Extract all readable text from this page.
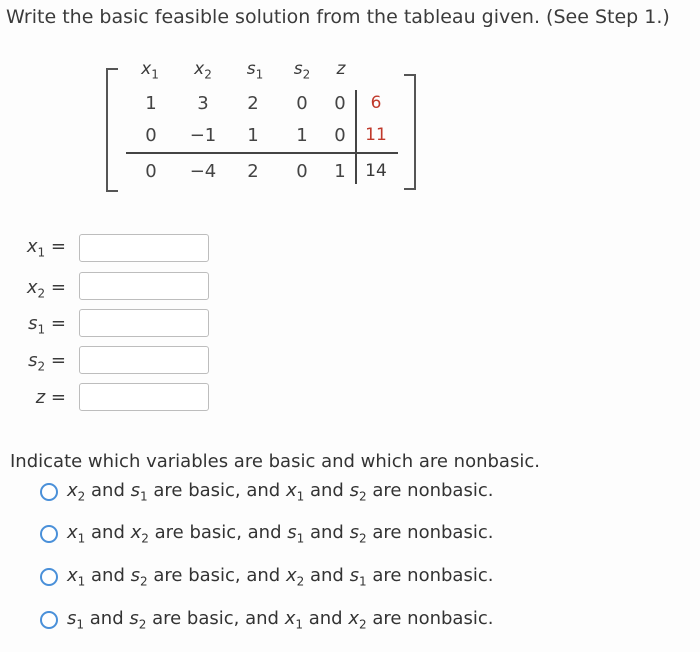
Write the basic feasible solution from the tableau given. (See Step 1.)
$x_1$	$x_2$	$s_1$	$s_2$	z
1	3	2	0	0	6
0	−1	1	1	0	11
0	−4	2	0	1	14
$x_1$ =
$x_2$ =
$s_1$ =
$s_2$ =
z =
Indicate which variables are basic and which are nonbasic.
$x_2$ and $s_1$ are basic, and $x_1$ and $s_2$ are nonbasic.
$x_1$ and $x_2$ are basic, and $s_1$ and $s_2$ are nonbasic.
$x_1$ and $s_2$ are basic, and $x_2$ and $s_1$ are nonbasic.
$s_1$ and $s_2$ are basic, and $x_1$ and $x_2$ are nonbasic.
